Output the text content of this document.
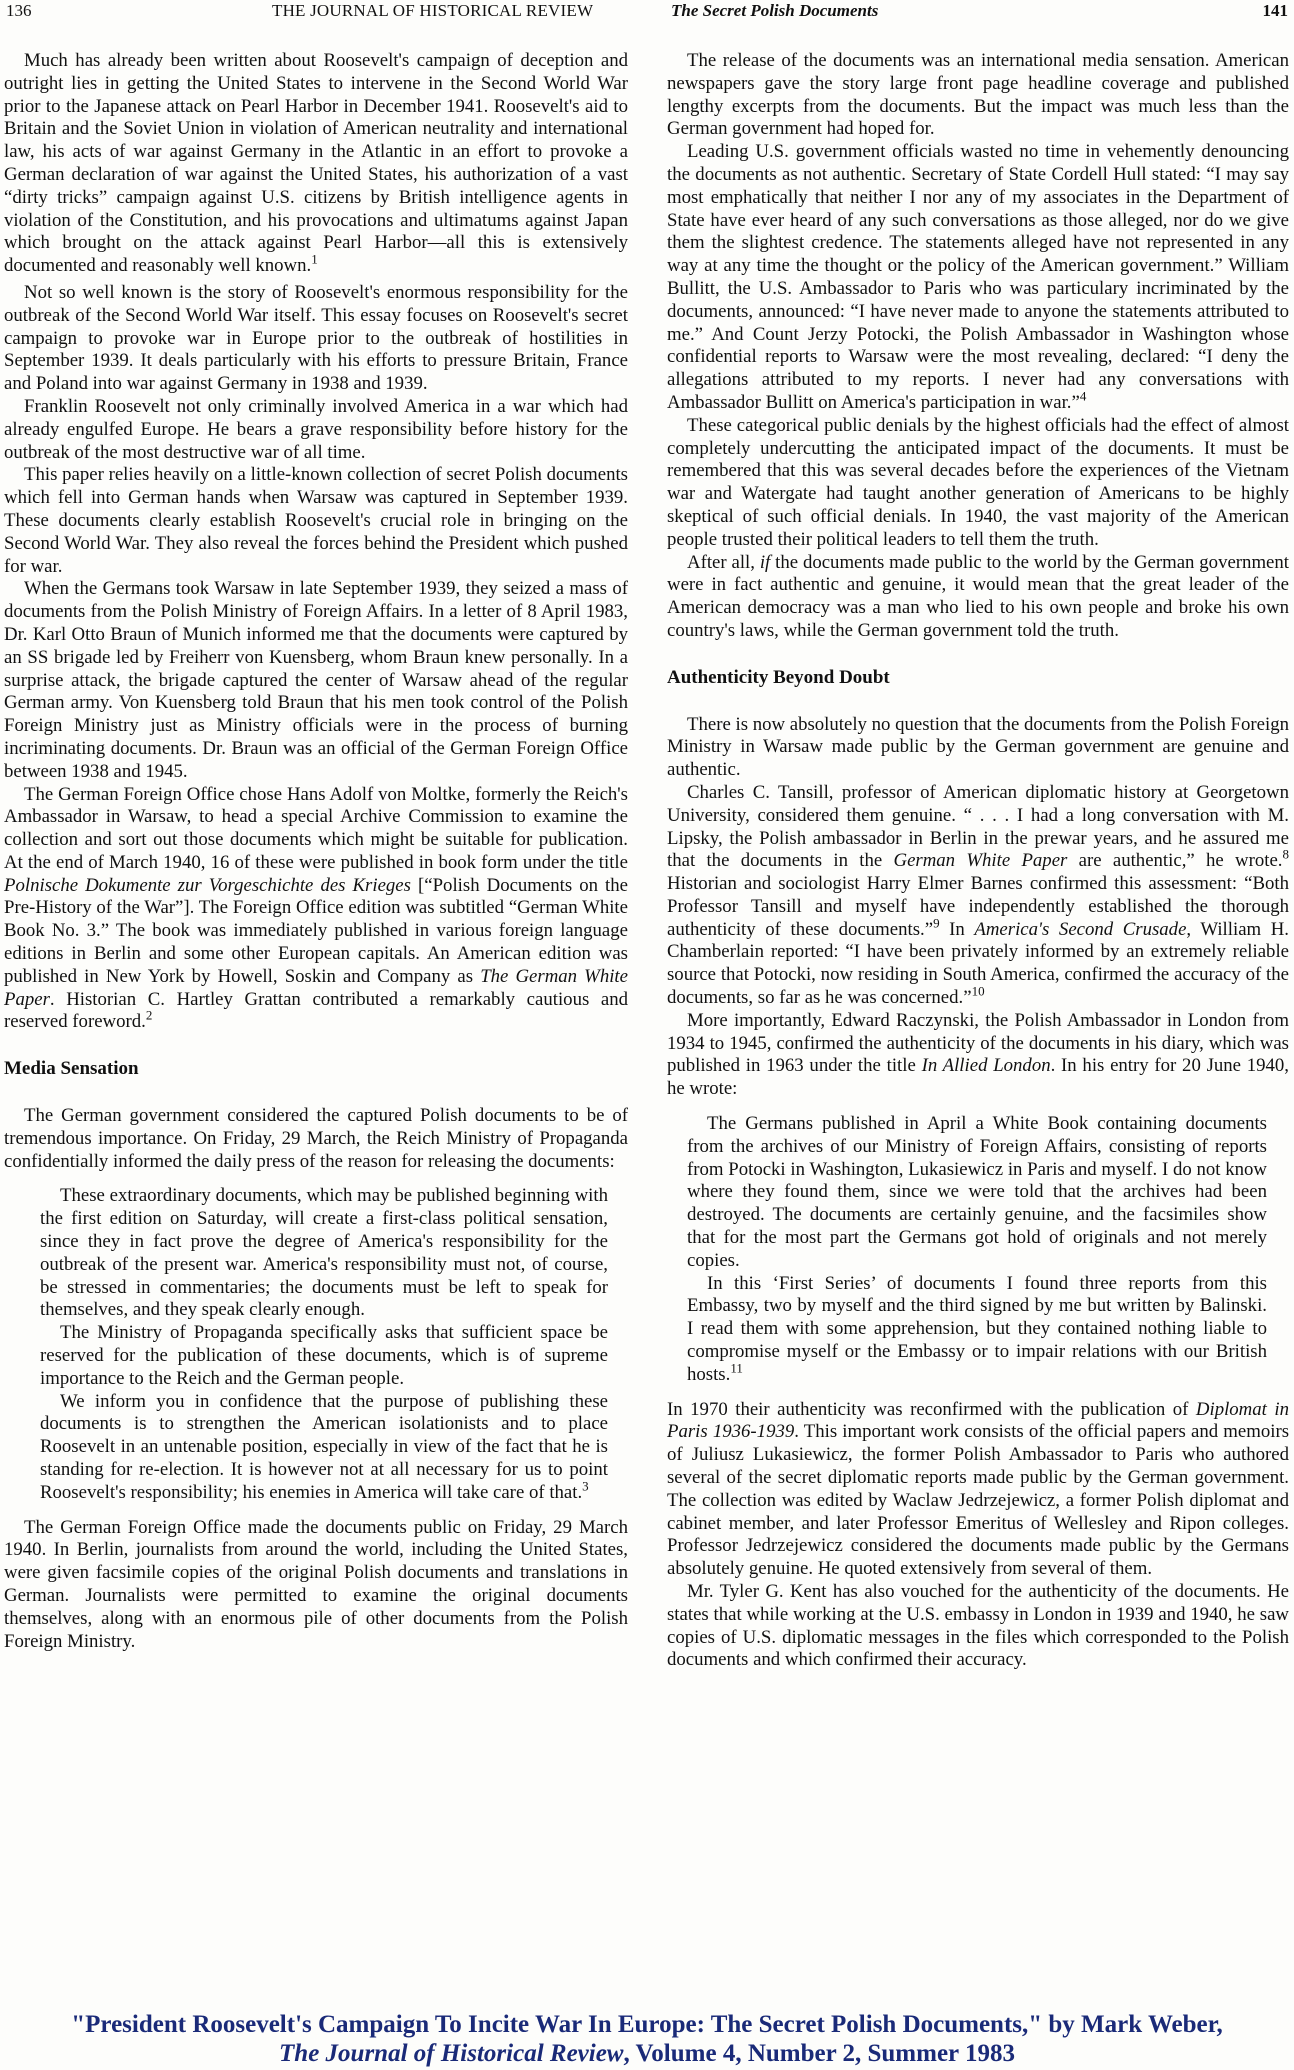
136	THE JOURNAL OF HISTORICAL REVIEW	The Secret Polish Documents	141

Much has already been written about Roosevelt's campaign of deception and outright lies in getting the United States to intervene in the Second World War prior to the Japanese attack on Pearl Harbor in December 1941. Roosevelt's aid to Britain and the Soviet Union in violation of American neutrality and international law, his acts of war against Germany in the Atlantic in an effort to provoke a German declaration of war against the United States, his authorization of a vast “dirty tricks” campaign against U.S. citizens by British intelligence agents in violation of the Constitution, and his provocations and ultimatums against Japan which brought on the attack against Pearl Harbor—all this is extensively documented and reasonably well known.$^1$

Not so well known is the story of Roosevelt's enormous responsibility for the outbreak of the Second World War itself. This essay focuses on Roosevelt's secret campaign to provoke war in Europe prior to the outbreak of hostilities in September 1939. It deals particularly with his efforts to pressure Britain, France and Poland into war against Germany in 1938 and 1939.

Franklin Roosevelt not only criminally involved America in a war which had already engulfed Europe. He bears a grave responsibility before history for the outbreak of the most destructive war of all time.

This paper relies heavily on a little-known collection of secret Polish documents which fell into German hands when Warsaw was captured in September 1939. These documents clearly establish Roosevelt's crucial role in bringing on the Second World War. They also reveal the forces behind the President which pushed for war.

When the Germans took Warsaw in late September 1939, they seized a mass of documents from the Polish Ministry of Foreign Affairs. In a letter of 8 April 1983, Dr. Karl Otto Braun of Munich informed me that the documents were captured by an SS brigade led by Freiherr von Kuensberg, whom Braun knew personally. In a surprise attack, the brigade captured the center of Warsaw ahead of the regular German army. Von Kuensberg told Braun that his men took control of the Polish Foreign Ministry just as Ministry officials were in the process of burning incriminating documents. Dr. Braun was an official of the German Foreign Office between 1938 and 1945.

The German Foreign Office chose Hans Adolf von Moltke, formerly the Reich's Ambassador in Warsaw, to head a special Archive Commission to examine the collection and sort out those documents which might be suitable for publication. At the end of March 1940, 16 of these were published in book form under the title Polnische Dokumente zur Vorgeschichte des Krieges [“Polish Documents on the Pre-History of the War”]. The Foreign Office edition was subtitled “German White Book No. 3.” The book was immediately published in various foreign language editions in Berlin and some other European capitals. An American edition was published in New York by Howell, Soskin and Company as The German White Paper. Historian C. Hartley Grattan contributed a remarkably cautious and reserved foreword.$^2$

Media Sensation

The German government considered the captured Polish documents to be of tremendous importance. On Friday, 29 March, the Reich Ministry of Propaganda confidentially informed the daily press of the reason for releasing the documents:

These extraordinary documents, which may be published beginning with the first edition on Saturday, will create a first-class political sensation, since they in fact prove the degree of America's responsibility for the outbreak of the present war. America's responsibility must not, of course, be stressed in commentaries; the documents must be left to speak for themselves, and they speak clearly enough.

The Ministry of Propaganda specifically asks that sufficient space be reserved for the publication of these documents, which is of supreme importance to the Reich and the German people.

We inform you in confidence that the purpose of publishing these documents is to strengthen the American isolationists and to place Roosevelt in an untenable position, especially in view of the fact that he is standing for re-election. It is however not at all necessary for us to point Roosevelt's responsibility; his enemies in America will take care of that.$^3$

The German Foreign Office made the documents public on Friday, 29 March 1940. In Berlin, journalists from around the world, including the United States, were given facsimile copies of the original Polish documents and translations in German. Journalists were permitted to examine the original documents themselves, along with an enormous pile of other documents from the Polish Foreign Ministry.

The release of the documents was an international media sensation. American newspapers gave the story large front page headline coverage and published lengthy excerpts from the documents. But the impact was much less than the German government had hoped for.

Leading U.S. government officials wasted no time in vehemently denouncing the documents as not authentic. Secretary of State Cordell Hull stated: “I may say most emphatically that neither I nor any of my associates in the Department of State have ever heard of any such conversations as those alleged, nor do we give them the slightest credence. The statements alleged have not represented in any way at any time the thought or the policy of the American government.” William Bullitt, the U.S. Ambassador to Paris who was particulary incriminated by the documents, announced: “I have never made to anyone the statements attributed to me.” And Count Jerzy Potocki, the Polish Ambassador in Washington whose confidential reports to Warsaw were the most revealing, declared: “I deny the allegations attributed to my reports. I never had any conversations with Ambassador Bullitt on America's participation in war.”$^4$

These categorical public denials by the highest officials had the effect of almost completely undercutting the anticipated impact of the documents. It must be remembered that this was several decades before the experiences of the Vietnam war and Watergate had taught another generation of Americans to be highly skeptical of such official denials. In 1940, the vast majority of the American people trusted their political leaders to tell them the truth.

After all, if the documents made public to the world by the German government were in fact authentic and genuine, it would mean that the great leader of the American democracy was a man who lied to his own people and broke his own country's laws, while the German government told the truth.

Authenticity Beyond Doubt

There is now absolutely no question that the documents from the Polish Foreign Ministry in Warsaw made public by the German government are genuine and authentic.

Charles C. Tansill, professor of American diplomatic history at Georgetown University, considered them genuine. “ . . . I had a long conversation with M. Lipsky, the Polish ambassador in Berlin in the prewar years, and he assured me that the documents in the German White Paper are authentic,” he wrote.$^8$ Historian and sociologist Harry Elmer Barnes confirmed this assessment: “Both Professor Tansill and myself have independently established the thorough authenticity of these documents.”$^9$ In America's Second Crusade, William H. Chamberlain reported: “I have been privately informed by an extremely reliable source that Potocki, now residing in South America, confirmed the accuracy of the documents, so far as he was concerned.”$^{10}$

More importantly, Edward Raczynski, the Polish Ambassador in London from 1934 to 1945, confirmed the authenticity of the documents in his diary, which was published in 1963 under the title In Allied London. In his entry for 20 June 1940, he wrote:

The Germans published in April a White Book containing documents from the archives of our Ministry of Foreign Affairs, consisting of reports from Potocki in Washington, Lukasiewicz in Paris and myself. I do not know where they found them, since we were told that the archives had been destroyed. The documents are certainly genuine, and the facsimiles show that for the most part the Germans got hold of originals and not merely copies.

In this ‘First Series’ of documents I found three reports from this Embassy, two by myself and the third signed by me but written by Balinski. I read them with some apprehension, but they contained nothing liable to compromise myself or the Embassy or to impair relations with our British hosts.$^{11}$

In 1970 their authenticity was reconfirmed with the publication of Diplomat in Paris 1936-1939. This important work consists of the official papers and memoirs of Juliusz Lukasiewicz, the former Polish Ambassador to Paris who authored several of the secret diplomatic reports made public by the German government. The collection was edited by Waclaw Jedrzejewicz, a former Polish diplomat and cabinet member, and later Professor Emeritus of Wellesley and Ripon colleges. Professor Jedrzejewicz considered the documents made public by the Germans absolutely genuine. He quoted extensively from several of them.

Mr. Tyler G. Kent has also vouched for the authenticity of the documents. He states that while working at the U.S. embassy in London in 1939 and 1940, he saw copies of U.S. diplomatic messages in the files which corresponded to the Polish documents and which confirmed their accuracy.

"President Roosevelt's Campaign To Incite War In Europe: The Secret Polish Documents," by Mark Weber,
The Journal of Historical Review, Volume 4, Number 2, Summer 1983
